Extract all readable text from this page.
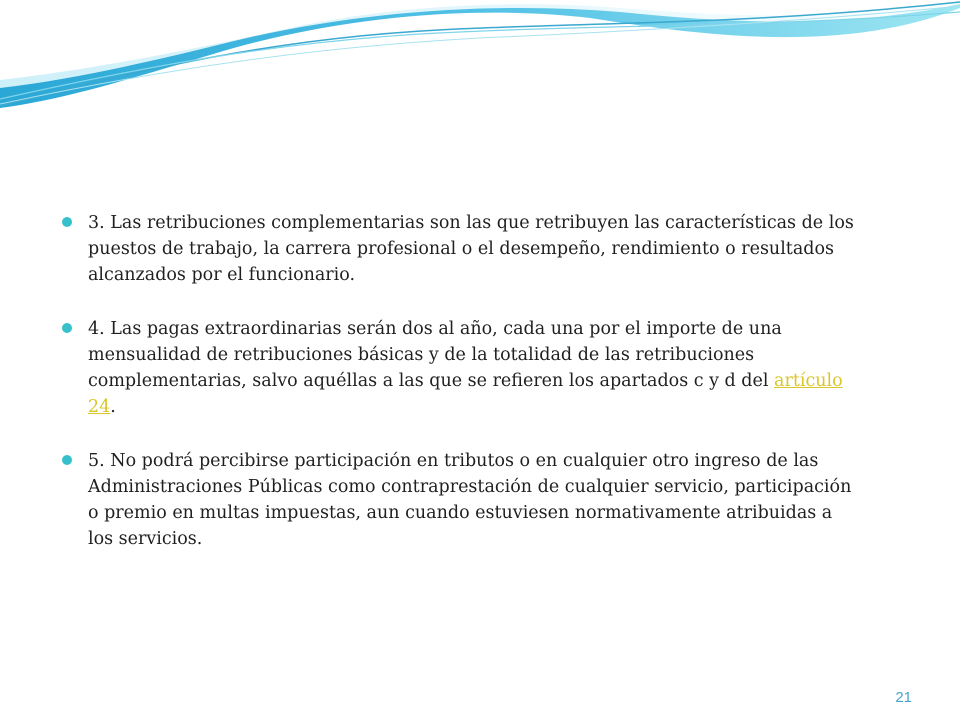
3. Las retribuciones complementarias son las que retribuyen las características de los puestos de trabajo, la carrera profesional o el desempeño, rendimiento o resultados alcanzados por el funcionario.
4. Las pagas extraordinarias serán dos al año, cada una por el importe de una mensualidad de retribuciones básicas y de la totalidad de las retribuciones complementarias, salvo aquéllas a las que se refieren los apartados c y d del artículo 24.
5. No podrá percibirse participación en tributos o en cualquier otro ingreso de las Administraciones Públicas como contraprestación de cualquier servicio, participación o premio en multas impuestas, aun cuando estuviesen normativamente atribuidas a los servicios.
21
